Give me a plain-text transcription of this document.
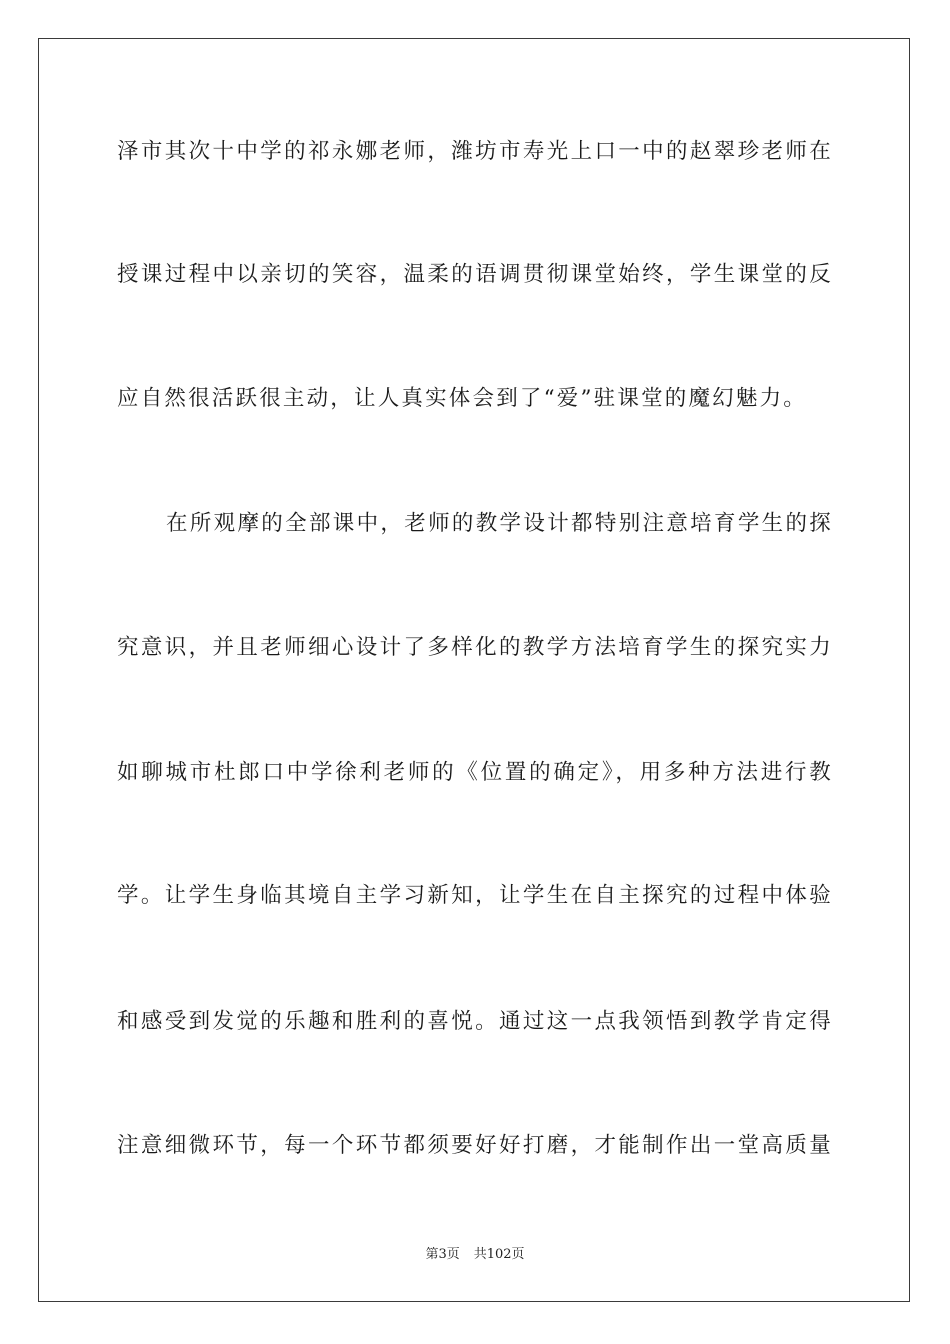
泽市其次十中学的祁永娜老师，潍坊市寿光上口一中的赵翠珍老师在
授课过程中以亲切的笑容，温柔的语调贯彻课堂始终，学生课堂的反
应自然很活跃很主动，让人真实体会到了“爱”驻课堂的魔幻魅力。
在所观摩的全部课中，老师的教学设计都特别注意培育学生的探
究意识，并且老师细心设计了多样化的教学方法培育学生的探究实力
如聊城市杜郎口中学徐利老师的《位置的确定》，用多种方法进行教
学。让学生身临其境自主学习新知，让学生在自主探究的过程中体验
和感受到发觉的乐趣和胜利的喜悦。通过这一点我领悟到教学肯定得
注意细微环节，每一个环节都须要好好打磨，才能制作出一堂高质量
第3页 共102页
